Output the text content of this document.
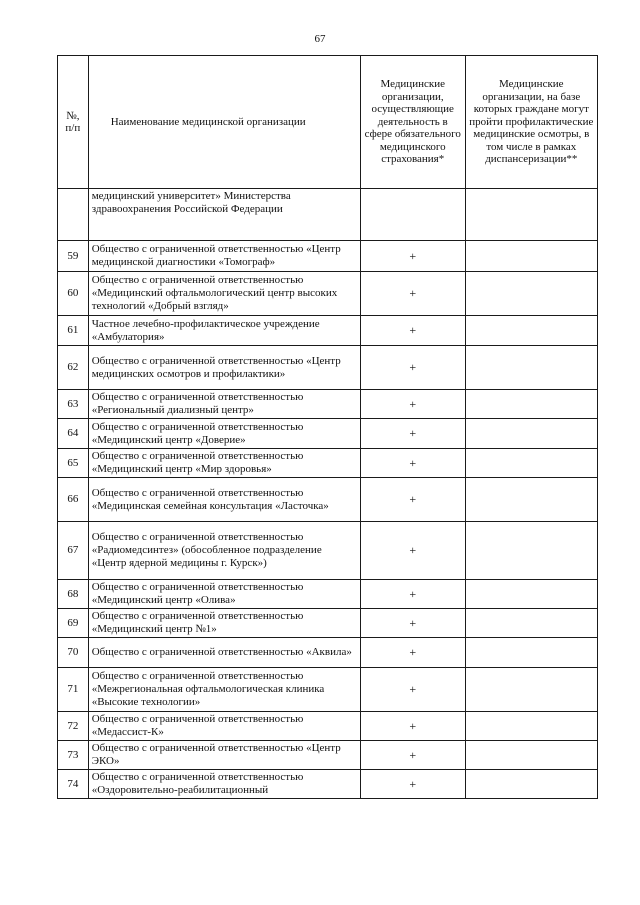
67
№,
п/п	Наименование медицинской организации	Медицинские организации, осуществляющие деятельность в сфере обязательного медицинского страхования*	Медицинские организации, на базе которых граждане могут пройти профилактические медицинские осмотры, в том числе в рамках диспансеризации**
	медицинский университет» Министерства здравоохранения Российской Федерации		
59	Общество с ограниченной ответственностью «Центр медицинской диагностики «Томограф»	+	
60	Общество с ограниченной ответственностью «Медицинский офтальмологический центр высоких технологий «Добрый взгляд»	+	
61	Частное лечебно-профилактическое учреждение «Амбулатория»	+	
62	Общество с ограниченной ответственностью «Центр медицинских осмотров и профилактики»	+	
63	Общество с ограниченной ответственностью «Региональный диализный центр»	+	
64	Общество с ограниченной ответственностью «Медицинский центр «Доверие»	+	
65	Общество с ограниченной ответственностью «Медицинский центр «Мир здоровья»	+	
66	Общество с ограниченной ответственностью «Медицинская семейная консультация «Ласточка»	+	
67	Общество с ограниченной ответственностью «Радиомедсинтез» (обособленное подразделение «Центр ядерной медицины г. Курск»)	+	
68	Общество с ограниченной ответственностью «Медицинский центр «Олива»	+	
69	Общество с ограниченной ответственностью «Медицинский центр №1»	+	
70	Общество с ограниченной ответственностью «Аквила»	+	
71	Общество с ограниченной ответственностью «Межрегиональная офтальмологическая клиника «Высокие технологии»	+	
72	Общество с ограниченной ответственностью «Медассист-К»	+	
73	Общество с ограниченной ответственностью «Центр ЭКО»	+	
74	Общество с ограниченной ответственностью «Оздоровительно-реабилитационный	+	
